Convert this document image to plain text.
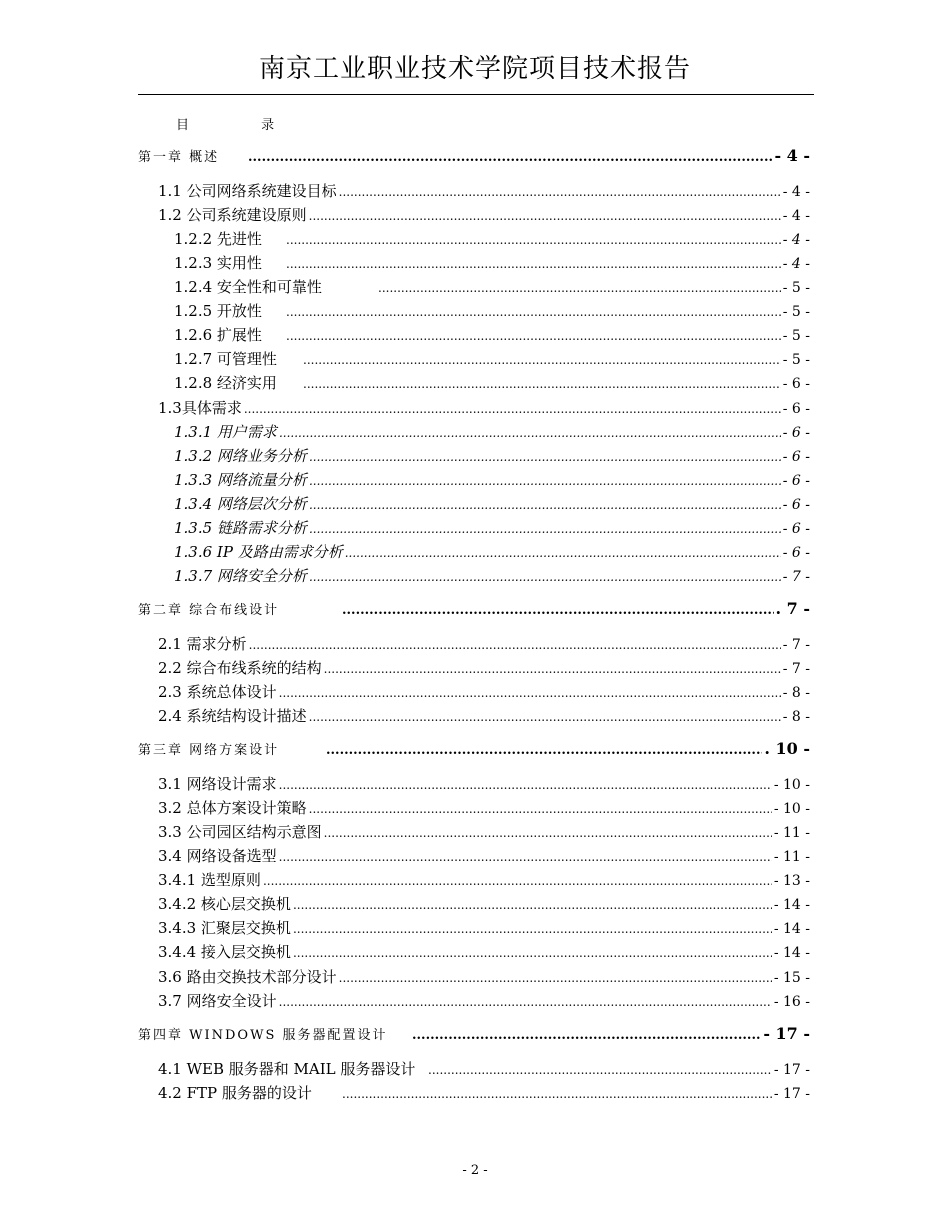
南京工业职业技术学院项目技术报告
目 录
第一章 概述 .....	- 4 -
1.1 公司网络系统建设目标 .....	- 4 -
1.2 公司系统建设原则 .....	- 4 -
1.2.2 先进性 .....	- 4 -
1.2.3 实用性 .....	- 4 -
1.2.4 安全性和可靠性 .....	- 5 -
1.2.5 开放性 .....	- 5 -
1.2.6 扩展性 .....	- 5 -
1.2.7 可管理性 .....	- 5 -
1.2.8 经济实用 .....	- 6 -
1.3具体需求 .....	- 6 -
1.3.1 用户需求 .....	- 6 -
1.3.2 网络业务分析 .....	- 6 -
1.3.3 网络流量分析 .....	- 6 -
1.3.4 网络层次分析 .....	- 6 -
1.3.5 链路需求分析 .....	- 6 -
1.3.6 IP 及路由需求分析 .....	- 6 -
1.3.7 网络安全分析 .....	- 7 -
第二章 综合布线设计 .....	. 7 -
2.1 需求分析 .....	- 7 -
2.2 综合布线系统的结构 .....	- 7 -
2.3 系统总体设计 .....	- 8 -
2.4 系统结构设计描述 .....	- 8 -
第三章 网络方案设计 .....	. 10 -
3.1 网络设计需求 .....	- 10 -
3.2 总体方案设计策略 .....	- 10 -
3.3 公司园区结构示意图 .....	- 11 -
3.4 网络设备选型 .....	- 11 -
3.4.1 选型原则 .....	- 13 -
3.4.2 核心层交换机 .....	- 14 -
3.4.3 汇聚层交换机 .....	- 14 -
3.4.4 接入层交换机 .....	- 14 -
3.6 路由交换技术部分设计 .....	- 15 -
3.7 网络安全设计 .....	- 16 -
第四章 WINDOWS 服务器配置设计 .....	- 17 -
4.1 WEB 服务器和 MAIL 服务器设计 .....	- 17 -
4.2 FTP 服务器的设计 .....	- 17 -
- 2 -
